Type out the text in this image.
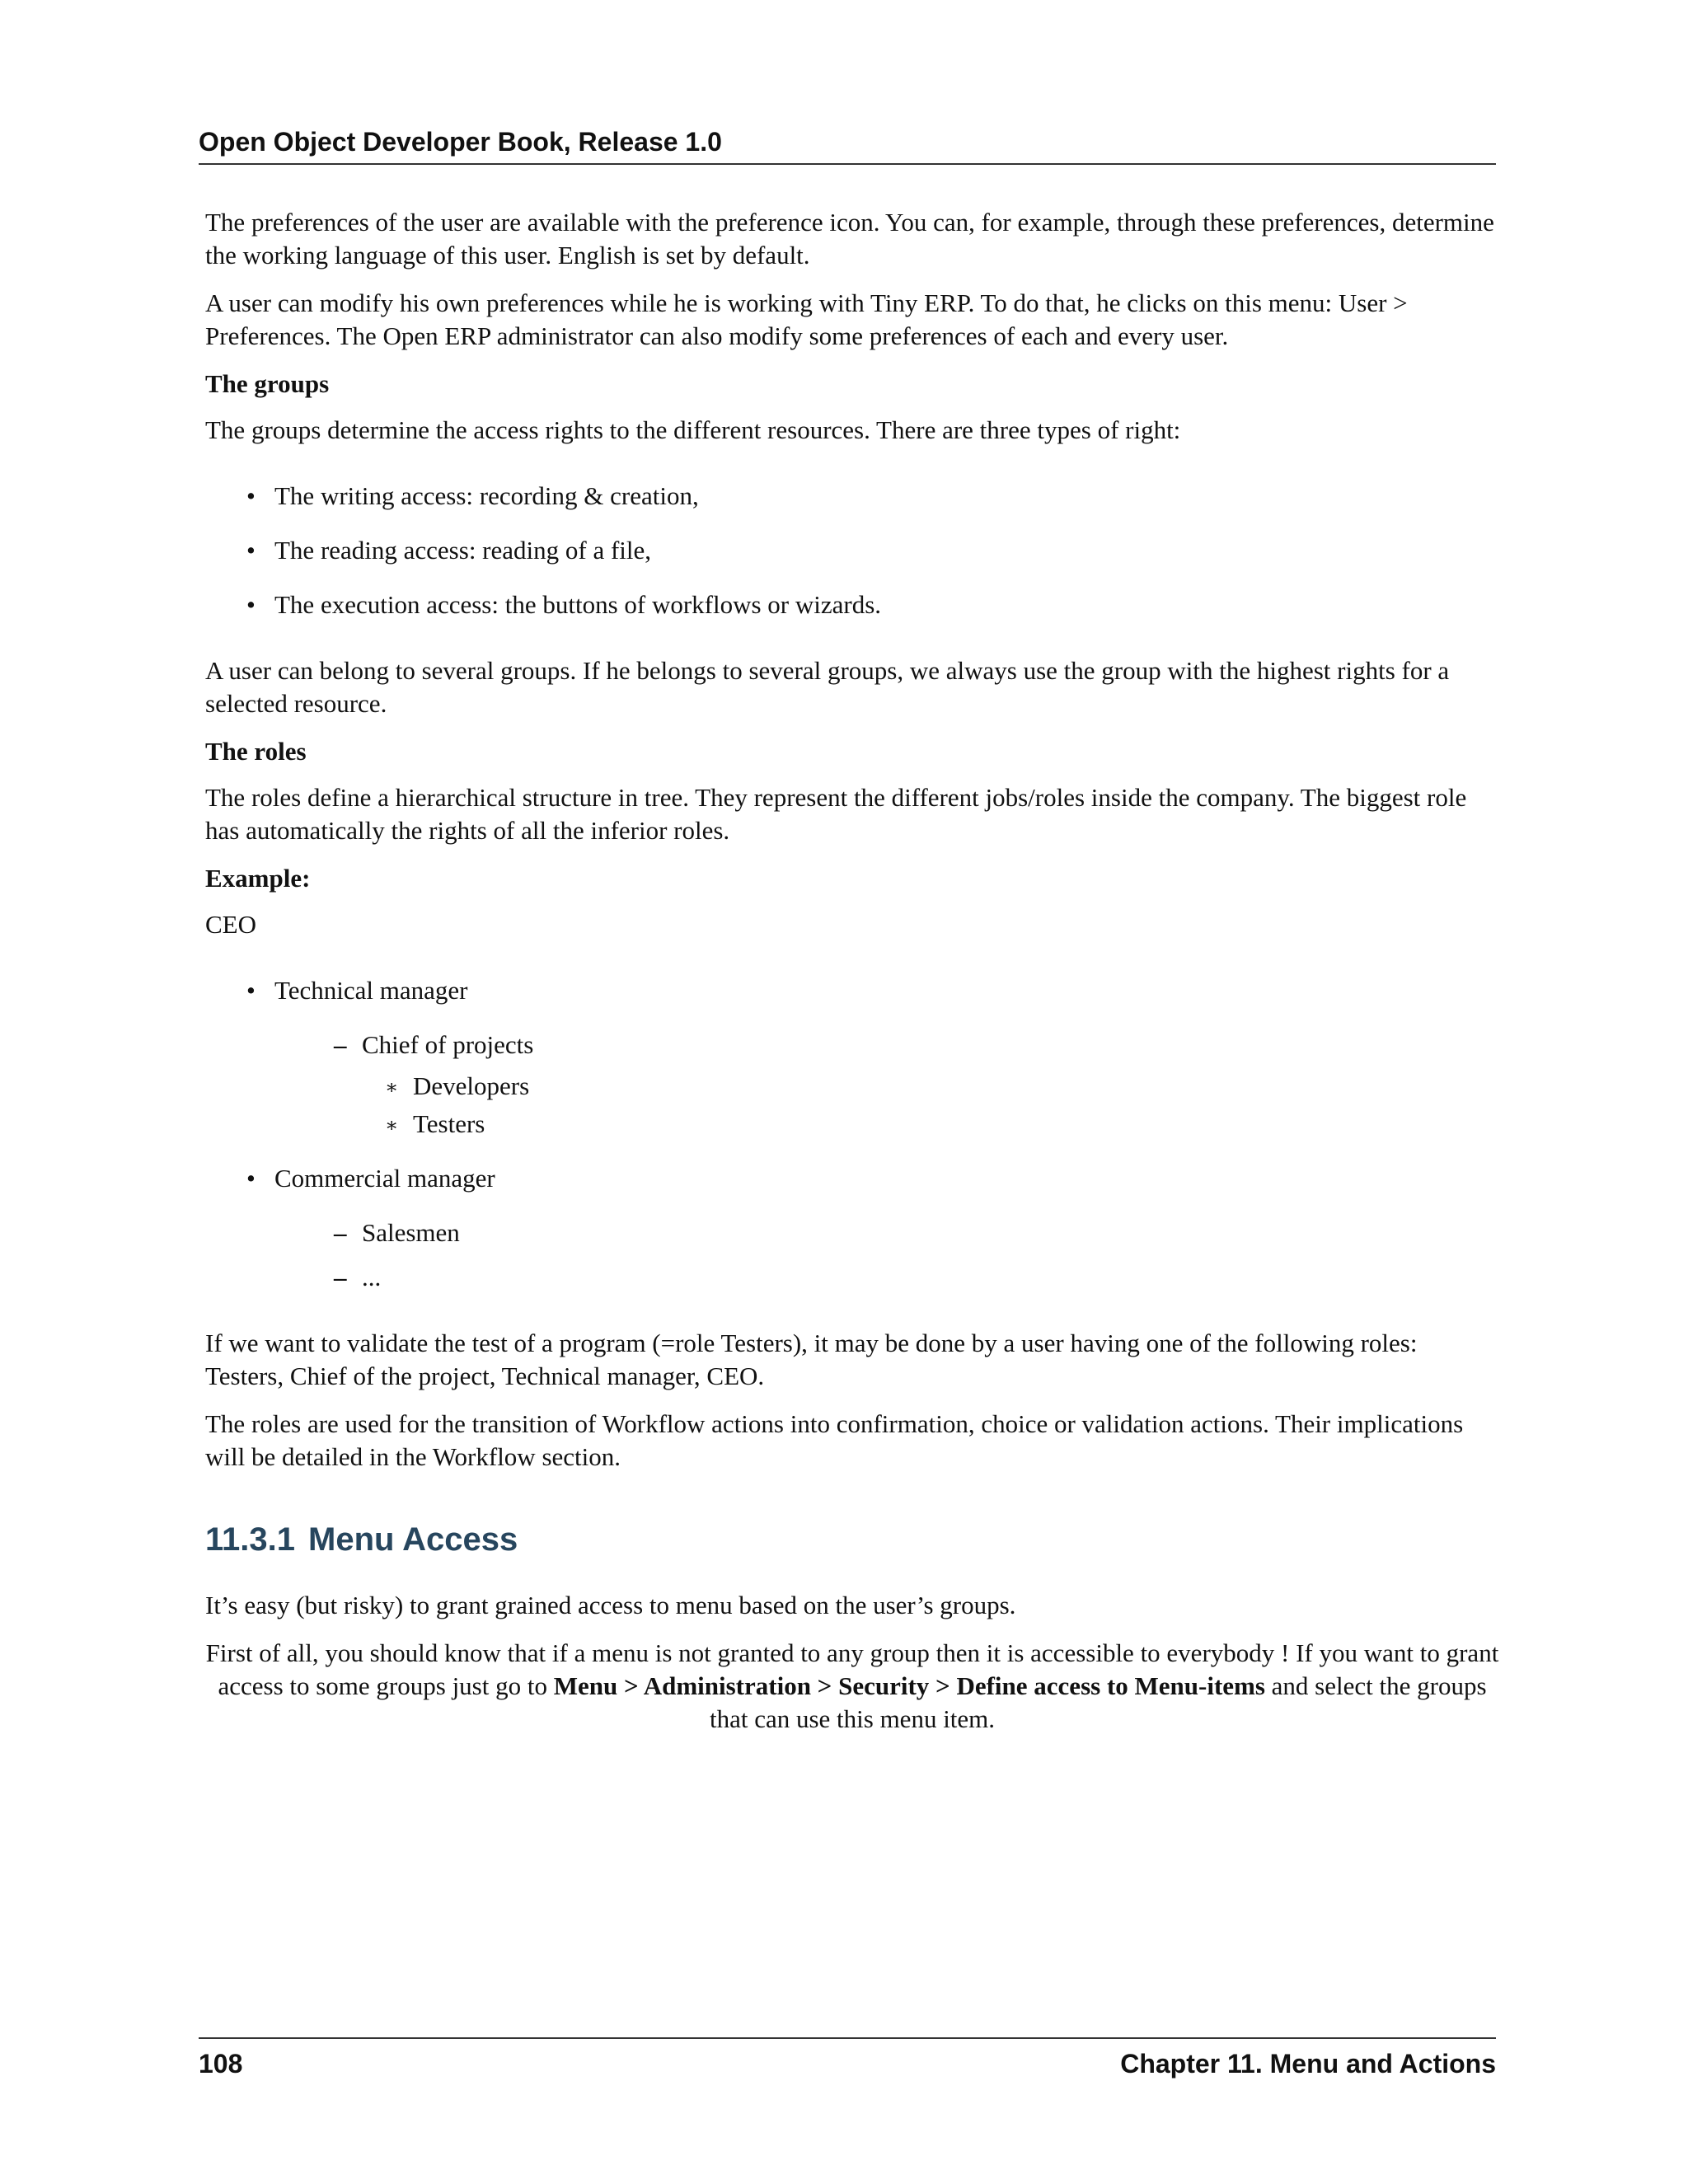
Open Object Developer Book, Release 1.0

The preferences of the user are available with the preference icon. You can, for example, through these preferences, determine the working language of this user. English is set by default.

A user can modify his own preferences while he is working with Tiny ERP. To do that, he clicks on this menu: User > Preferences. The Open ERP administrator can also modify some preferences of each and every user.

The groups

The groups determine the access rights to the different resources. There are three types of right:

• The writing access: recording & creation,
• The reading access: reading of a file,
• The execution access: the buttons of workflows or wizards.

A user can belong to several groups. If he belongs to several groups, we always use the group with the highest rights for a selected resource.

The roles

The roles define a hierarchical structure in tree. They represent the different jobs/roles inside the company. The biggest role has automatically the rights of all the inferior roles.

Example:

CEO

• Technical manager
– Chief of projects
∗ Developers
∗ Testers
• Commercial manager
– Salesmen
– ...

If we want to validate the test of a program (=role Testers), it may be done by a user having one of the following roles: Testers, Chief of the project, Technical manager, CEO.

The roles are used for the transition of Workflow actions into confirmation, choice or validation actions. Their implications will be detailed in the Workflow section.

11.3.1 Menu Access

It’s easy (but risky) to grant grained access to menu based on the user’s groups.

First of all, you should know that if a menu is not granted to any group then it is accessible to everybody ! If you want to grant access to some groups just go to Menu > Administration > Security > Define access to Menu-items and select the groups that can use this menu item.

108	Chapter 11. Menu and Actions
